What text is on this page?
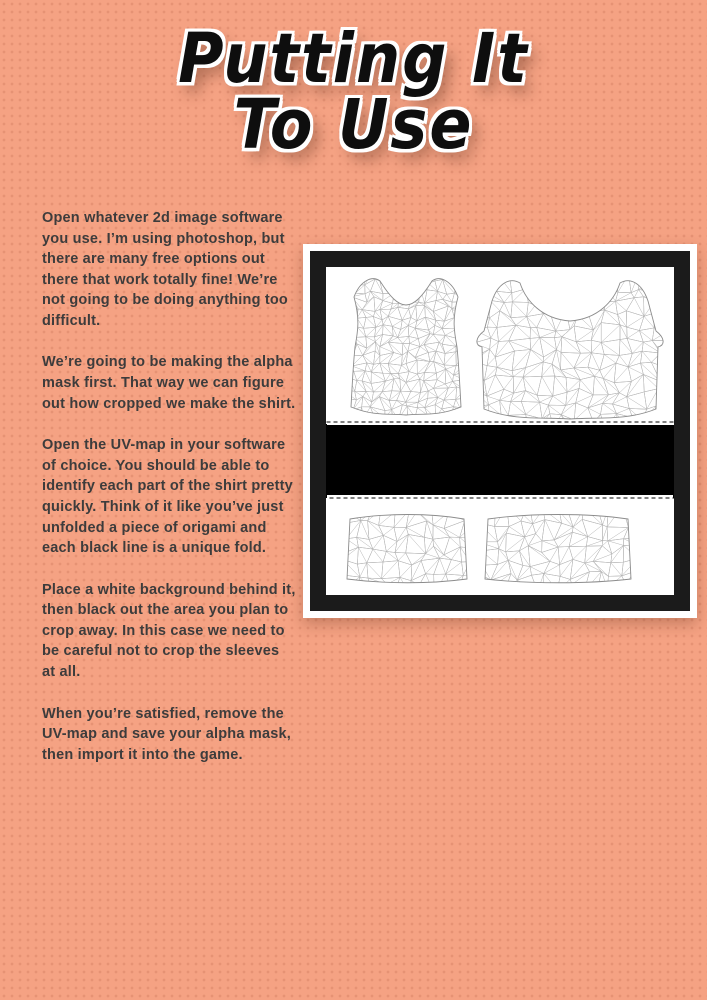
Putting It
To Use

Open whatever 2d image software you use. I’m using photoshop, but there are many free options out there that work totally fine! We’re not going to be doing anything too difficult.

We’re going to be making the alpha mask first. That way we can figure out how cropped we make the shirt.

Open the UV-map in your software of choice. You should be able to identify each part of the shirt pretty quickly. Think of it like you’ve just unfolded a piece of origami and each black line is a unique fold.

Place a white background behind it, then black out the area you plan to crop away. In this case we need to be careful not to crop the sleeves at all.

When you’re satisfied, remove the UV-map and save your alpha mask, then import it into the game.
